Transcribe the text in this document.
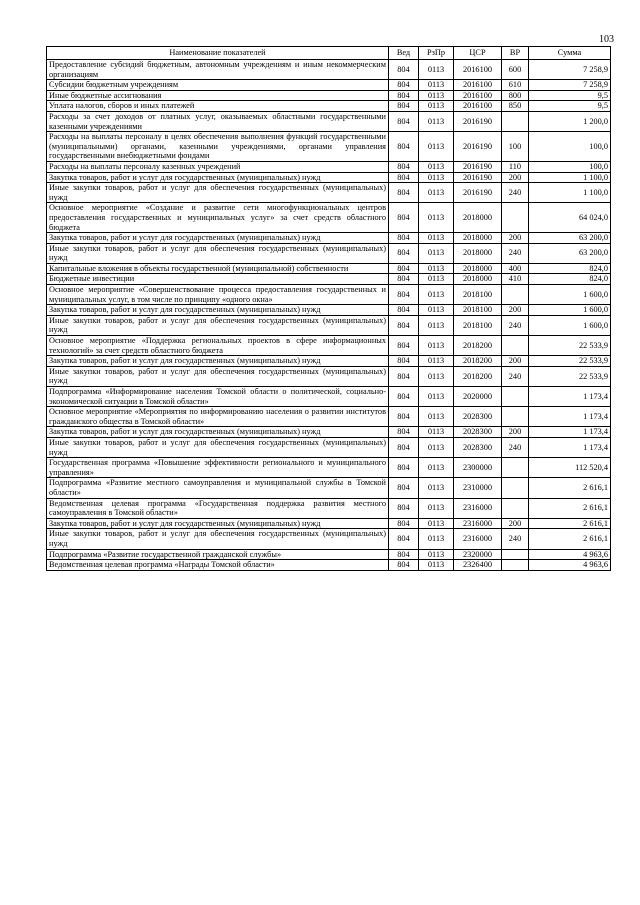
103
Наименование показателей	Вед	РзПр	ЦСР	ВР	Сумма
Предоставление субсидий бюджетным, автономным учреждениям и иным некоммерческим организациям	804	0113	2016100	600	7 258,9
Субсидии бюджетным учреждениям	804	0113	2016100	610	7 258,9
Иные бюджетные ассигнования	804	0113	2016100	800	9,5
Уплата налогов, сборов и иных платежей	804	0113	2016100	850	9,5
Расходы за счет доходов от платных услуг, оказываемых областными государственными казенными учреждениями	804	0113	2016190		1 200,0
Расходы на выплаты персоналу в целях обеспечения выполнения функций государственными (муниципальными) органами, казенными учреждениями, органами управления государственными внебюджетными фондами	804	0113	2016190	100	100,0
Расходы на выплаты персоналу казенных учреждений	804	0113	2016190	110	100,0
Закупка товаров, работ и услуг для государственных (муниципальных) нужд	804	0113	2016190	200	1 100,0
Иные закупки товаров, работ и услуг для обеспечения государственных (муниципальных) нужд	804	0113	2016190	240	1 100,0
Основное мероприятие «Создание и развитие сети многофункциональных центров предоставления государственных и муниципальных услуг» за счет средств областного бюджета	804	0113	2018000		64 024,0
Закупка товаров, работ и услуг для государственных (муниципальных) нужд	804	0113	2018000	200	63 200,0
Иные закупки товаров, работ и услуг для обеспечения государственных (муниципальных) нужд	804	0113	2018000	240	63 200,0
Капитальные вложения в объекты государственной (муниципальной) собственности	804	0113	2018000	400	824,0
Бюджетные инвестиции	804	0113	2018000	410	824,0
Основное мероприятие «Совершенствование процесса предоставления государственных и муниципальных услуг, в том числе по принципу «одного окна»	804	0113	2018100		1 600,0
Закупка товаров, работ и услуг для государственных (муниципальных) нужд	804	0113	2018100	200	1 600,0
Иные закупки товаров, работ и услуг для обеспечения государственных (муниципальных) нужд	804	0113	2018100	240	1 600,0
Основное мероприятие «Поддержка региональных проектов в сфере информационных технологий» за счет средств областного бюджета	804	0113	2018200		22 533,9
Закупка товаров, работ и услуг для государственных (муниципальных) нужд	804	0113	2018200	200	22 533,9
Иные закупки товаров, работ и услуг для обеспечения государственных (муниципальных) нужд	804	0113	2018200	240	22 533,9
Подпрограмма «Информирование населения Томской области о политической, социально-экономической ситуации в Томской области»	804	0113	2020000		1 173,4
Основное мероприятие «Мероприятия по информированию населения о развитии институтов гражданского общества в Томской области»	804	0113	2028300		1 173,4
Закупка товаров, работ и услуг для государственных (муниципальных) нужд	804	0113	2028300	200	1 173,4
Иные закупки товаров, работ и услуг для обеспечения государственных (муниципальных) нужд	804	0113	2028300	240	1 173,4
Государственная программа «Повышение эффективности регионального и муниципального управления»	804	0113	2300000		112 520,4
Подпрограмма «Развитие местного самоуправления и муниципальной службы в Томской области»	804	0113	2310000		2 616,1
Ведомственная целевая программа «Государственная поддержка развития местного самоуправления в Томской области»	804	0113	2316000		2 616,1
Закупка товаров, работ и услуг для государственных (муниципальных) нужд	804	0113	2316000	200	2 616,1
Иные закупки товаров, работ и услуг для обеспечения государственных (муниципальных) нужд	804	0113	2316000	240	2 616,1
Подпрограмма «Развитие государственной гражданской службы»	804	0113	2320000		4 963,6
Ведомственная целевая программа «Награды Томской области»	804	0113	2326400		4 963,6
